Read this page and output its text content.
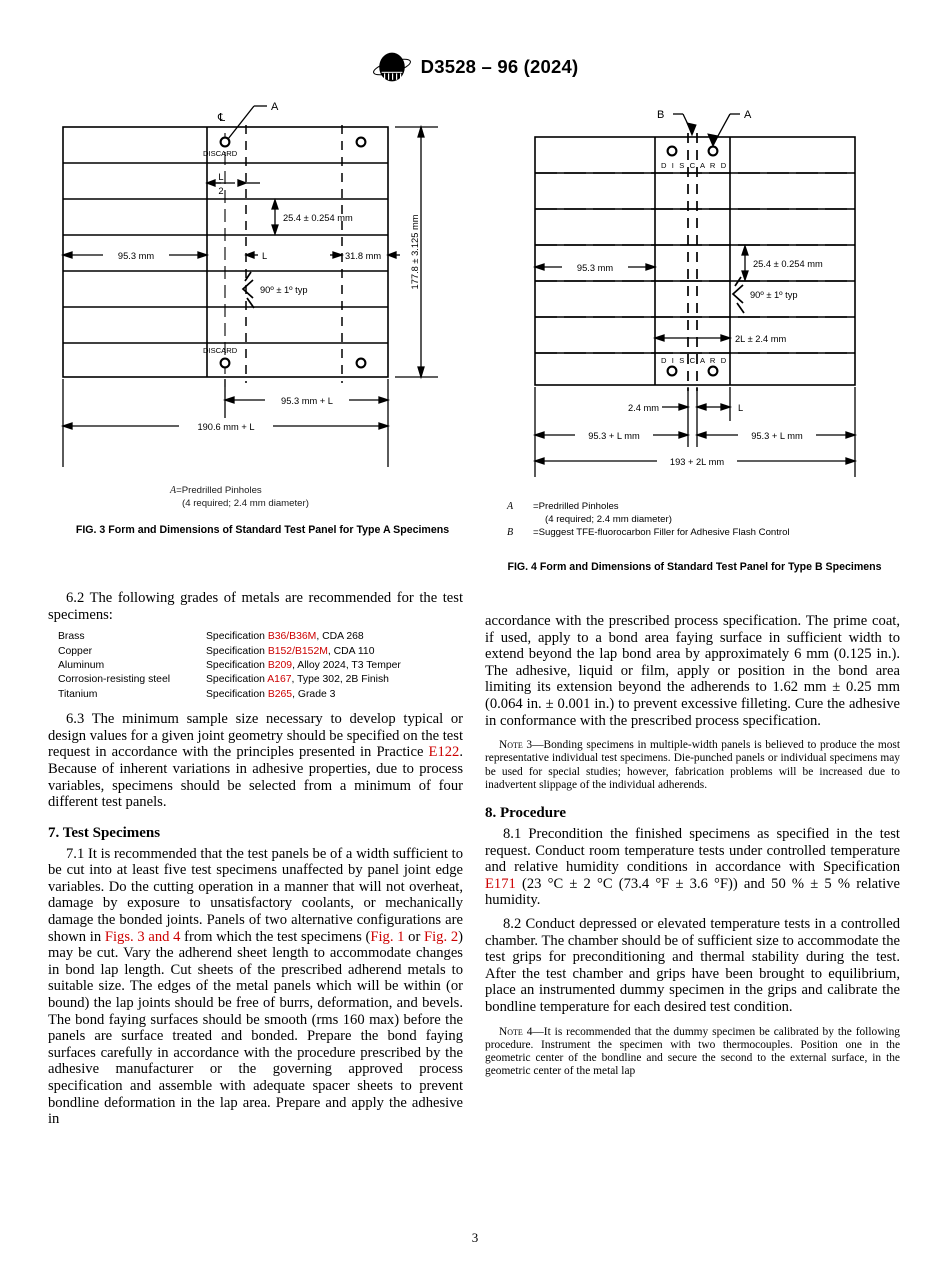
ASTM D3528 – 96 (2024)
℄
A
DISCARD
DISCARD
L
2
25.4 ± 0.254 mm
95.3 mm	L	31.8 mm
90º ± 1º typ
177.8 ± 3.125 mm
95.3 mm + L
190.6 mm + L
A=Predrilled Pinholes
(4 required; 2.4 mm diameter)
FIG. 3 Form and Dimensions of Standard Test Panel for Type A Specimens
B	A
D I S C A R D
D I S C A R D
95.3 mm	25.4 ± 0.254 mm
90º ± 1º typ
2L ± 2.4 mm
2.4 mm	L
95.3 + L mm	95.3 + L mm
193 + 2L mm
A	=Predrilled Pinholes
	(4 required; 2.4 mm diameter)
B	=Suggest TFE-fluorocarbon Filler for Adhesive Flash Control
FIG. 4 Form and Dimensions of Standard Test Panel for Type B Specimens

6.2 The following grades of metals are recommended for the test specimens:

Brass	Specification B36/B36M, CDA 268
Copper	Specification B152/B152M, CDA 110
Aluminum	Specification B209, Alloy 2024, T3 Temper
Corrosion-resisting steel	Specification A167, Type 302, 2B Finish
Titanium	Specification B265, Grade 3

6.3 The minimum sample size necessary to develop typical or design values for a given joint geometry should be specified on the test request in accordance with the principles presented in Practice E122. Because of inherent variations in adhesive properties, due to process variables, specimens should be selected from a minimum of four different test panels.

7. Test Specimens

7.1 It is recommended that the test panels be of a width sufficient to be cut into at least five test specimens unaffected by panel joint edge variables. Do the cutting operation in a manner that will not overheat, damage by exposure to unsatisfactory coolants, or mechanically damage the bonded joints. Panels of two alternative configurations are shown in Figs. 3 and 4 from which the test specimens (Fig. 1 or Fig. 2) may be cut. Vary the adherend sheet length to accommodate changes in bond lap length. Cut sheets of the prescribed adherend metals to suitable size. The edges of the metal panels which will be within (or bound) the lap joints should be free of burrs, deformation, and bevels. The bond faying surfaces should be smooth (rms 160 max) before the panels are surface treated and bonded. Prepare the bond faying surfaces carefully in accordance with the procedure prescribed by the adhesive manufacturer or the governing approved process specification and assemble with adequate spacer sheets to prevent bondline deformation in the lap area. Prepare and apply the adhesive in

accordance with the prescribed process specification. The prime coat, if used, apply to a bond area faying surface in sufficient width to extend beyond the lap bond area by approximately 6 mm (0.125 in.). The adhesive, liquid or film, apply or position in the bond area limiting its extension beyond the adherends to 1.62 mm ± 0.25 mm (0.064 in. ± 0.001 in.) to prevent excessive filleting. Cure the adhesive in conformance with the prescribed process specification.

Note 3—Bonding specimens in multiple-width panels is believed to produce the most representative individual test specimens. Die-punched panels or individual specimens may be used for special studies; however, fabrication problems will be increased due to inadvertent slippage of the individual adherends.

8. Procedure

8.1 Precondition the finished specimens as specified in the test request. Conduct room temperature tests under controlled temperature and relative humidity conditions in accordance with Specification E171 (23 °C ± 2 °C (73.4 °F ± 3.6 °F)) and 50 % ± 5 % relative humidity.

8.2 Conduct depressed or elevated temperature tests in a controlled chamber. The chamber should be of sufficient size to accommodate the test grips for preconditioning and thermal stability during the test. After the test chamber and grips have been brought to equilibrium, place an instrumented dummy specimen in the grips and calibrate the bondline temperature for each desired test condition.

Note 4—It is recommended that the dummy specimen be calibrated by the following procedure. Instrument the specimen with two thermocouples. Position one in the geometric center of the bondline and secure the second to the external surface, in the geometric center of the metal lap

3
